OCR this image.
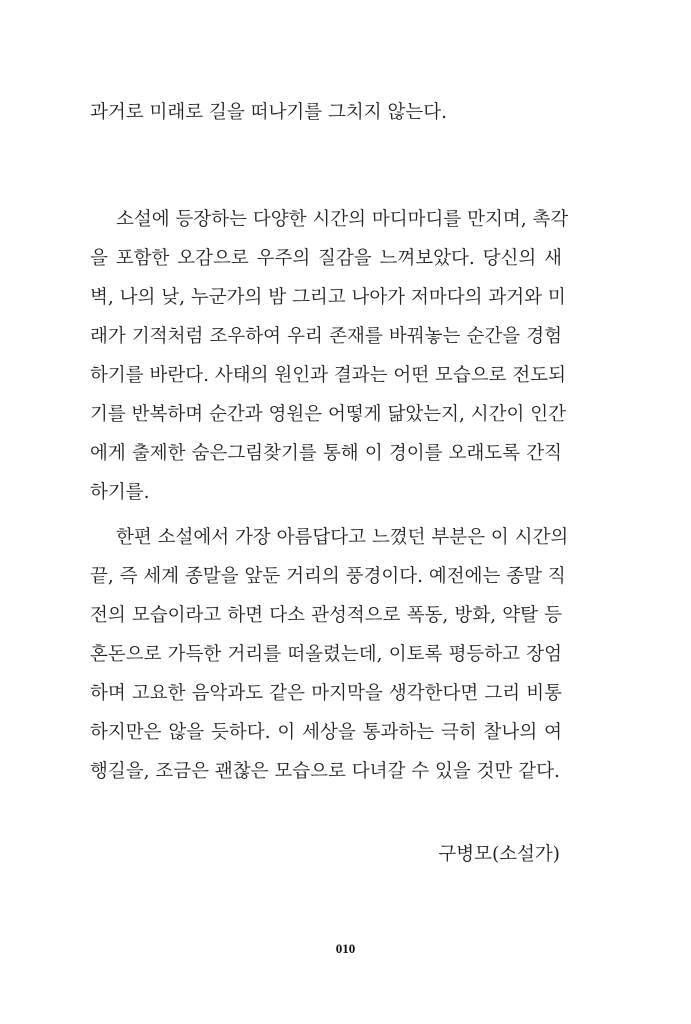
과거로 미래로 길을 떠나기를 그치지 않는다.
소설에 등장하는 다양한 시간의 마디마디를 만지며, 촉각
을 포함한 오감으로 우주의 질감을 느껴보았다. 당신의 새
벽, 나의 낮, 누군가의 밤 그리고 나아가 저마다의 과거와 미
래가 기적처럼 조우하여 우리 존재를 바꿔놓는 순간을 경험
하기를 바란다. 사태의 원인과 결과는 어떤 모습으로 전도되
기를 반복하며 순간과 영원은 어떻게 닮았는지, 시간이 인간
에게 출제한 숨은그림찾기를 통해 이 경이를 오래도록 간직
하기를.
한편 소설에서 가장 아름답다고 느꼈던 부분은 이 시간의
끝, 즉 세계 종말을 앞둔 거리의 풍경이다. 예전에는 종말 직
전의 모습이라고 하면 다소 관성적으로 폭동, 방화, 약탈 등
혼돈으로 가득한 거리를 떠올렸는데, 이토록 평등하고 장엄
하며 고요한 음악과도 같은 마지막을 생각한다면 그리 비통
하지만은 않을 듯하다. 이 세상을 통과하는 극히 찰나의 여
행길을, 조금은 괜찮은 모습으로 다녀갈 수 있을 것만 같다.
구병모(소설가)
010
